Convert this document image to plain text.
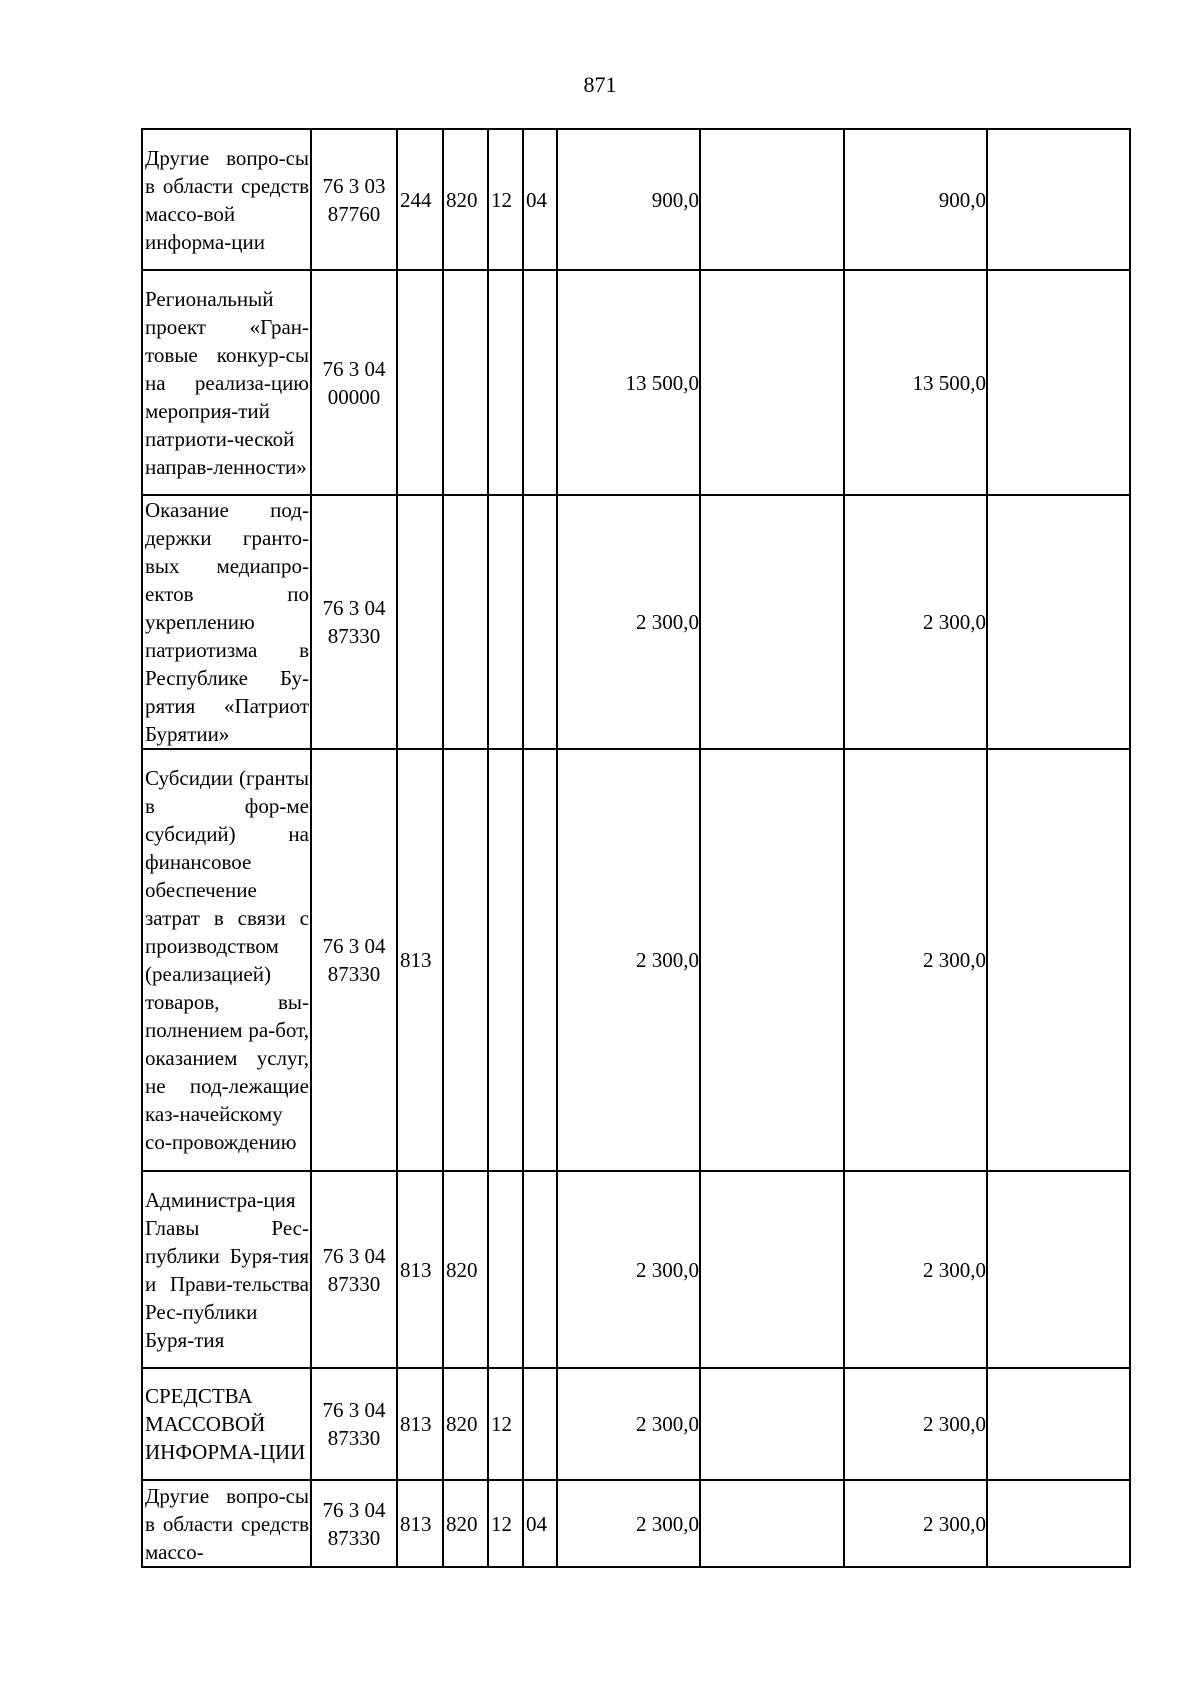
871
Другие вопро-сы в области средств массо-вой информа-ции	76 3 03 87760	244	820	12	04	900,0		900,0	
Региональный проект «Гран-товые конкур-сы на реализа-цию мероприя-тий патриоти-ческой направ-ленности»	76 3 04 00000					13 500,0		13 500,0	
Оказание под-держки гранто-вых медиапро-ектов по укреплению патриотизма в Республике Бу-рятия «Патриот Бурятии»	76 3 04 87330					2 300,0		2 300,0	
Субсидии (гранты в фор-ме субсидий) на финансовое обеспечение затрат в связи с производством (реализацией) товаров, вы-полнением ра-бот, оказанием услуг, не под-лежащие каз-начейскому со-провождению	76 3 04 87330	813				2 300,0		2 300,0	
Администра-ция Главы Рес-публики Буря-тия и Прави-тельства Рес-публики Буря-тия	76 3 04 87330	813	820			2 300,0		2 300,0	
СРЕДСТВА МАССОВОЙ ИНФОРМА-ЦИИ	76 3 04 87330	813	820	12		2 300,0		2 300,0	
Другие вопро-сы в области средств массо-	76 3 04 87330	813	820	12	04	2 300,0		2 300,0	
